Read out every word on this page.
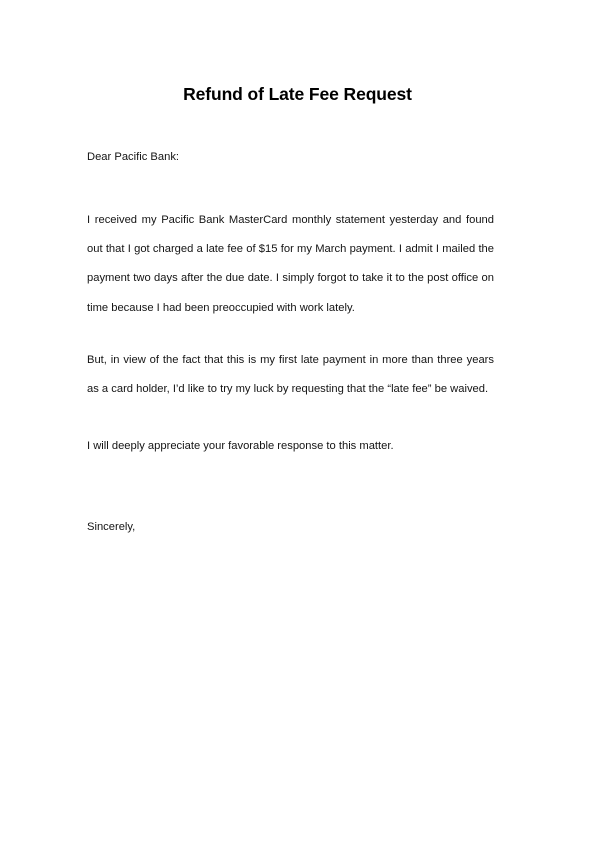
Refund of Late Fee Request
Dear Pacific Bank:

I received my Pacific Bank MasterCard monthly statement yesterday and found out that I got charged a late fee of $15 for my March payment. I admit I mailed the payment two days after the due date. I simply forgot to take it to the post office on time because I had been preoccupied with work lately.

But, in view of the fact that this is my first late payment in more than three years as a card holder, I’d like to try my luck by requesting that the “late fee” be waived.

I will deeply appreciate your favorable response to this matter.

Sincerely,
